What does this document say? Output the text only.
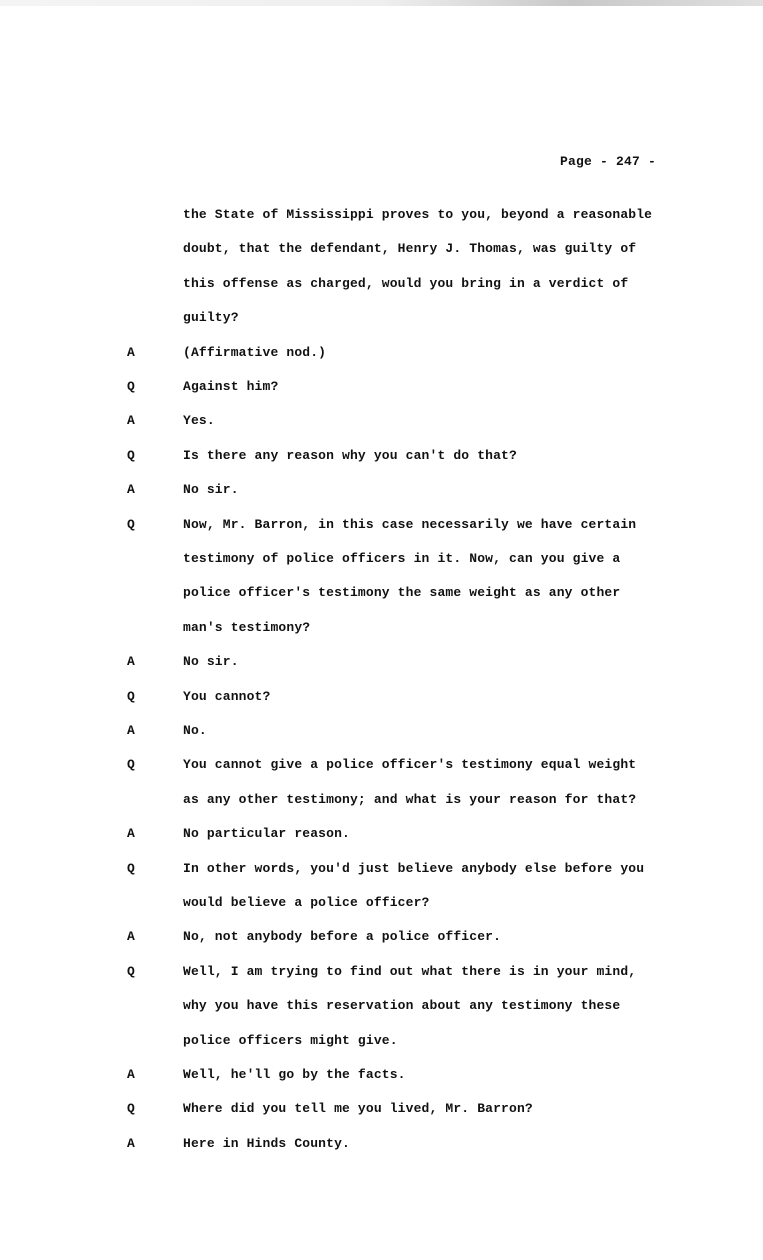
Page - 247 -
the State of Mississippi proves to you, beyond a reasonable
doubt, that the defendant, Henry J. Thomas, was guilty of
this offense as charged, would you bring in a verdict of
guilty?
A	(Affirmative nod.)
Q	Against him?
A	Yes.
Q	Is there any reason why you can't do that?
A	No sir.
Q	Now, Mr. Barron, in this case necessarily we have certain
testimony of police officers in it. Now, can you give a
police officer's testimony the same weight as any other
man's testimony?
A	No sir.
Q	You cannot?
A	No.
Q	You cannot give a police officer's testimony equal weight
as any other testimony; and what is your reason for that?
A	No particular reason.
Q	In other words, you'd just believe anybody else before you
would believe a police officer?
A	No, not anybody before a police officer.
Q	Well, I am trying to find out what there is in your mind,
why you have this reservation about any testimony these
police officers might give.
A	Well, he'll go by the facts.
Q	Where did you tell me you lived, Mr. Barron?
A	Here in Hinds County.
